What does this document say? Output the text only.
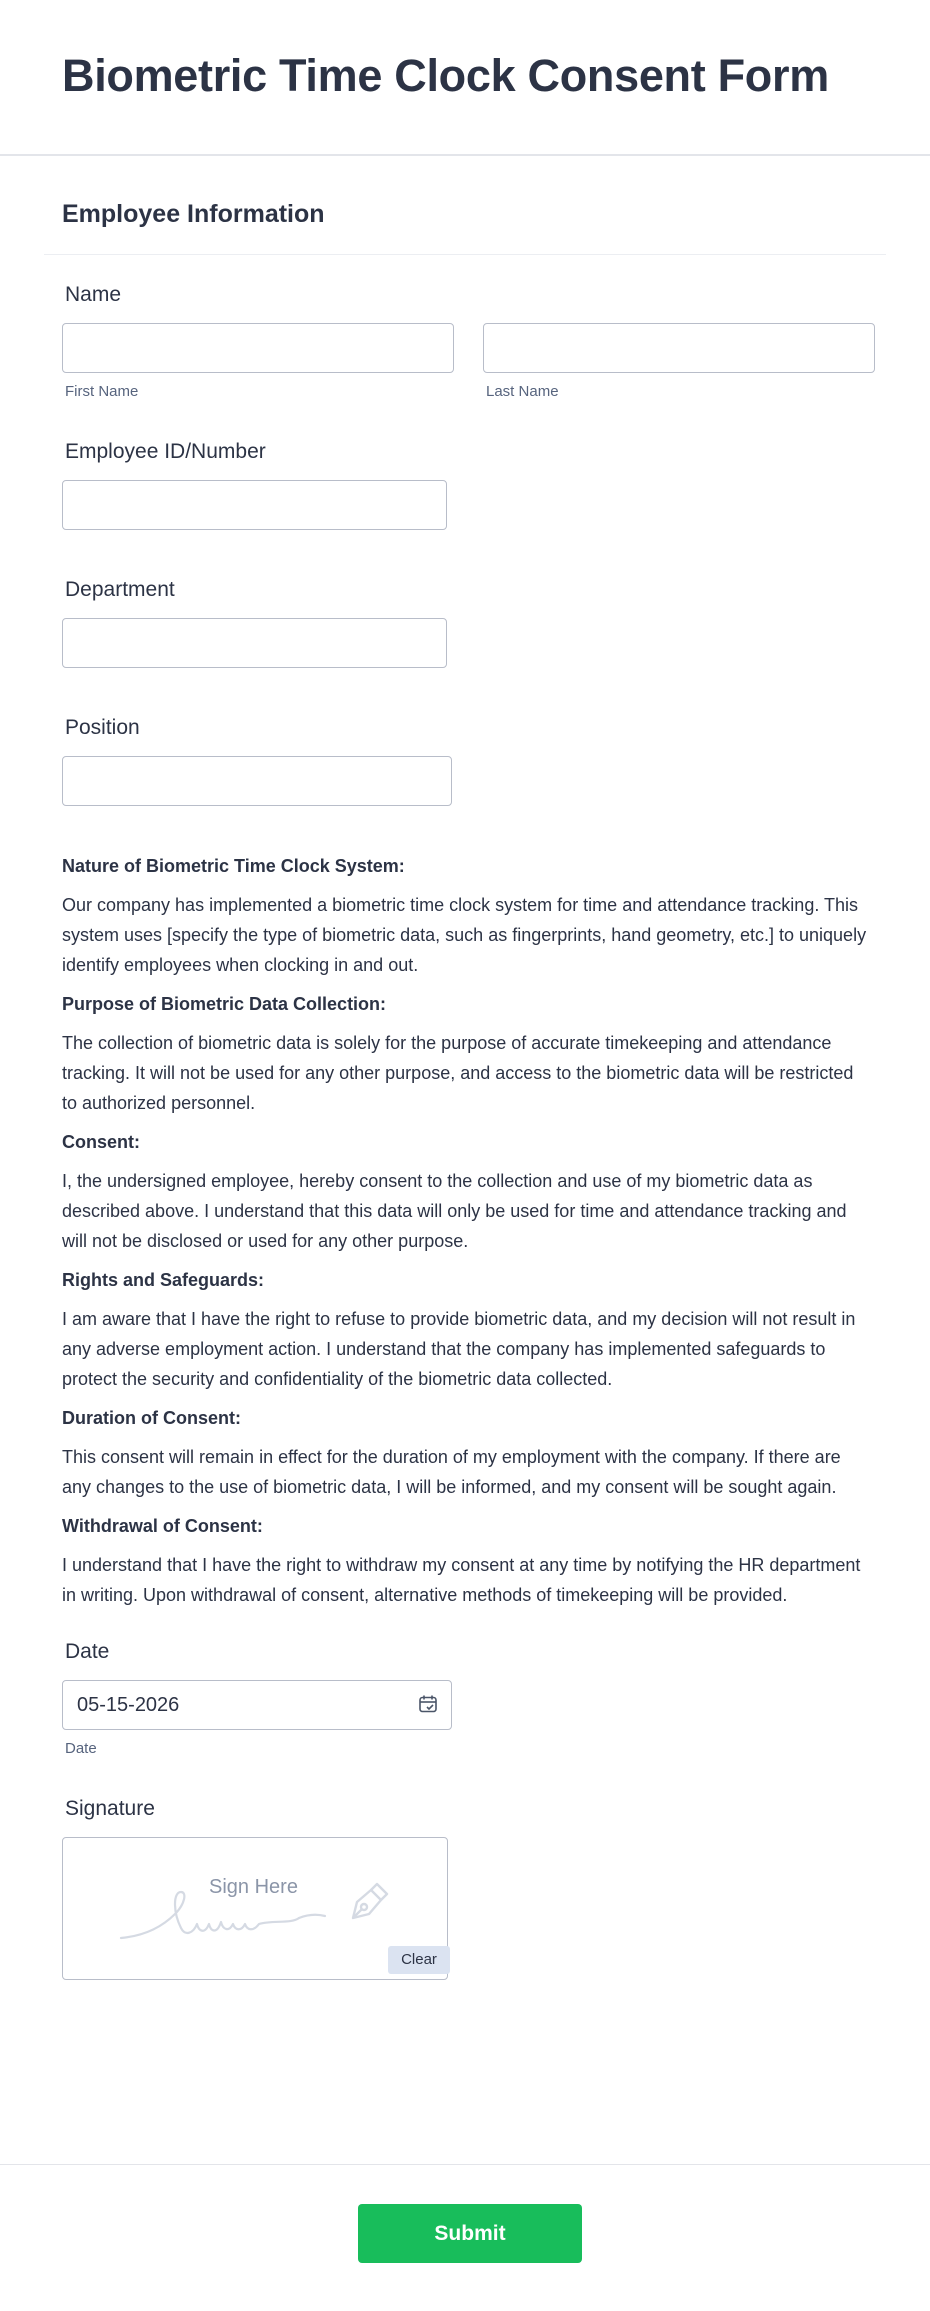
Biometric Time Clock Consent Form
Employee Information
Name
First Name	Last Name
Employee ID/Number
Department
Position
Nature of Biometric Time Clock System:

Our company has implemented a biometric time clock system for time and attendance tracking. This system uses [specify the type of biometric data, such as fingerprints, hand geometry, etc.] to uniquely identify employees when clocking in and out.

Purpose of Biometric Data Collection:

The collection of biometric data is solely for the purpose of accurate timekeeping and attendance tracking. It will not be used for any other purpose, and access to the biometric data will be restricted to authorized personnel.

Consent:

I, the undersigned employee, hereby consent to the collection and use of my biometric data as described above. I understand that this data will only be used for time and attendance tracking and will not be disclosed or used for any other purpose.

Rights and Safeguards:

I am aware that I have the right to refuse to provide biometric data, and my decision will not result in any adverse employment action. I understand that the company has implemented safeguards to protect the security and confidentiality of the biometric data collected.

Duration of Consent:

This consent will remain in effect for the duration of my employment with the company. If there are any changes to the use of biometric data, I will be informed, and my consent will be sought again.

Withdrawal of Consent:

I understand that I have the right to withdraw my consent at any time by notifying the HR department in writing. Upon withdrawal of consent, alternative methods of timekeeping will be provided.

Date
05-15-2026
Date
Signature
Sign Here
Clear
Submit
